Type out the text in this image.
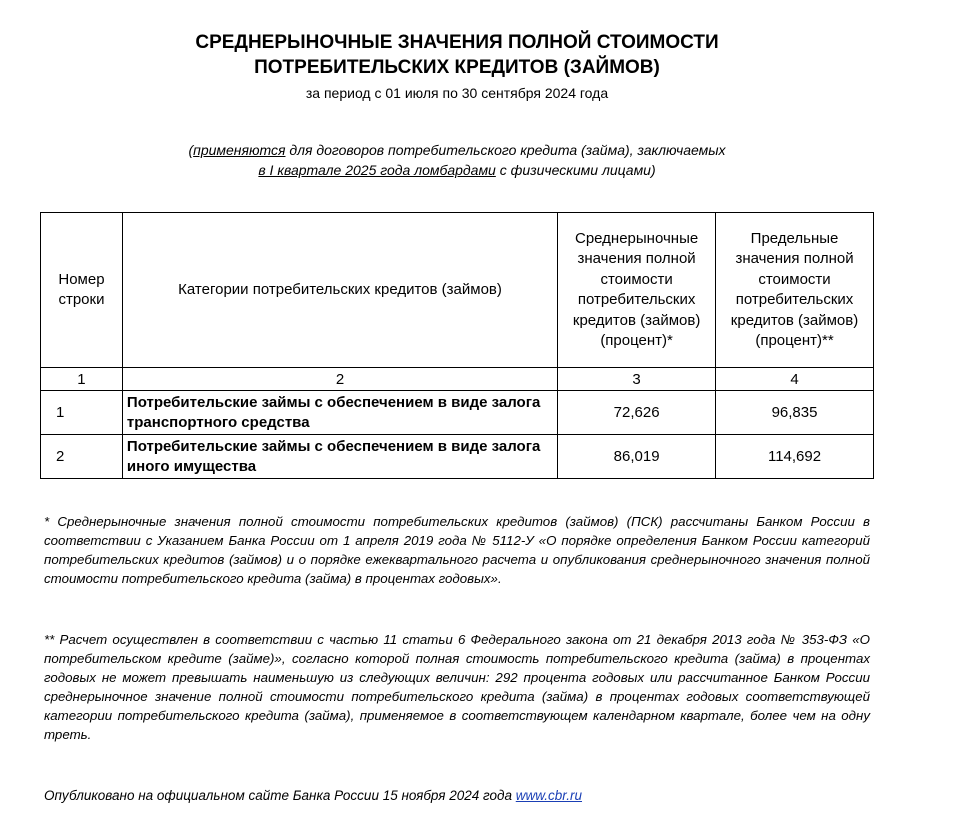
СРЕДНЕРЫНОЧНЫЕ ЗНАЧЕНИЯ ПОЛНОЙ СТОИМОСТИ
ПОТРЕБИТЕЛЬСКИХ КРЕДИТОВ (ЗАЙМОВ)
за период с 01 июля по 30 сентября 2024 года
(применяются для договоров потребительского кредита (займа), заключаемых
в I квартале 2025 года ломбардами с физическими лицами)
Номер строки	Категории потребительских кредитов (займов)	Среднерыночные значения полной стоимости потребительских кредитов (займов) (процент)*	Предельные значения полной стоимости потребительских кредитов (займов) (процент)**
1	2	3	4
1	Потребительские займы с обеспечением в виде залога транспортного средства	72,626	96,835
2	Потребительские займы с обеспечением в виде залога иного имущества	86,019	114,692
* Среднерыночные значения полной стоимости потребительских кредитов (займов) (ПСК) рассчитаны Банком России в соответствии с Указанием Банка России от 1 апреля 2019 года № 5112-У «О порядке определения Банком России категорий потребительских кредитов (займов) и о порядке ежеквартального расчета и опубликования среднерыночного значения полной стоимости потребительского кредита (займа) в процентах годовых».
** Расчет осуществлен в соответствии с частью 11 статьи 6 Федерального закона от 21 декабря 2013 года № 353-ФЗ «О потребительском кредите (займе)», согласно которой полная стоимость потребительского кредита (займа) в процентах годовых не может превышать наименьшую из следующих величин: 292 процента годовых или рассчитанное Банком России среднерыночное значение полной стоимости потребительского кредита (займа) в процентах годовых соответствующей категории потребительского кредита (займа), применяемое в соответствующем календарном квартале, более чем на одну треть.
Опубликовано на официальном сайте Банка России 15 ноября 2024 года www.cbr.ru
